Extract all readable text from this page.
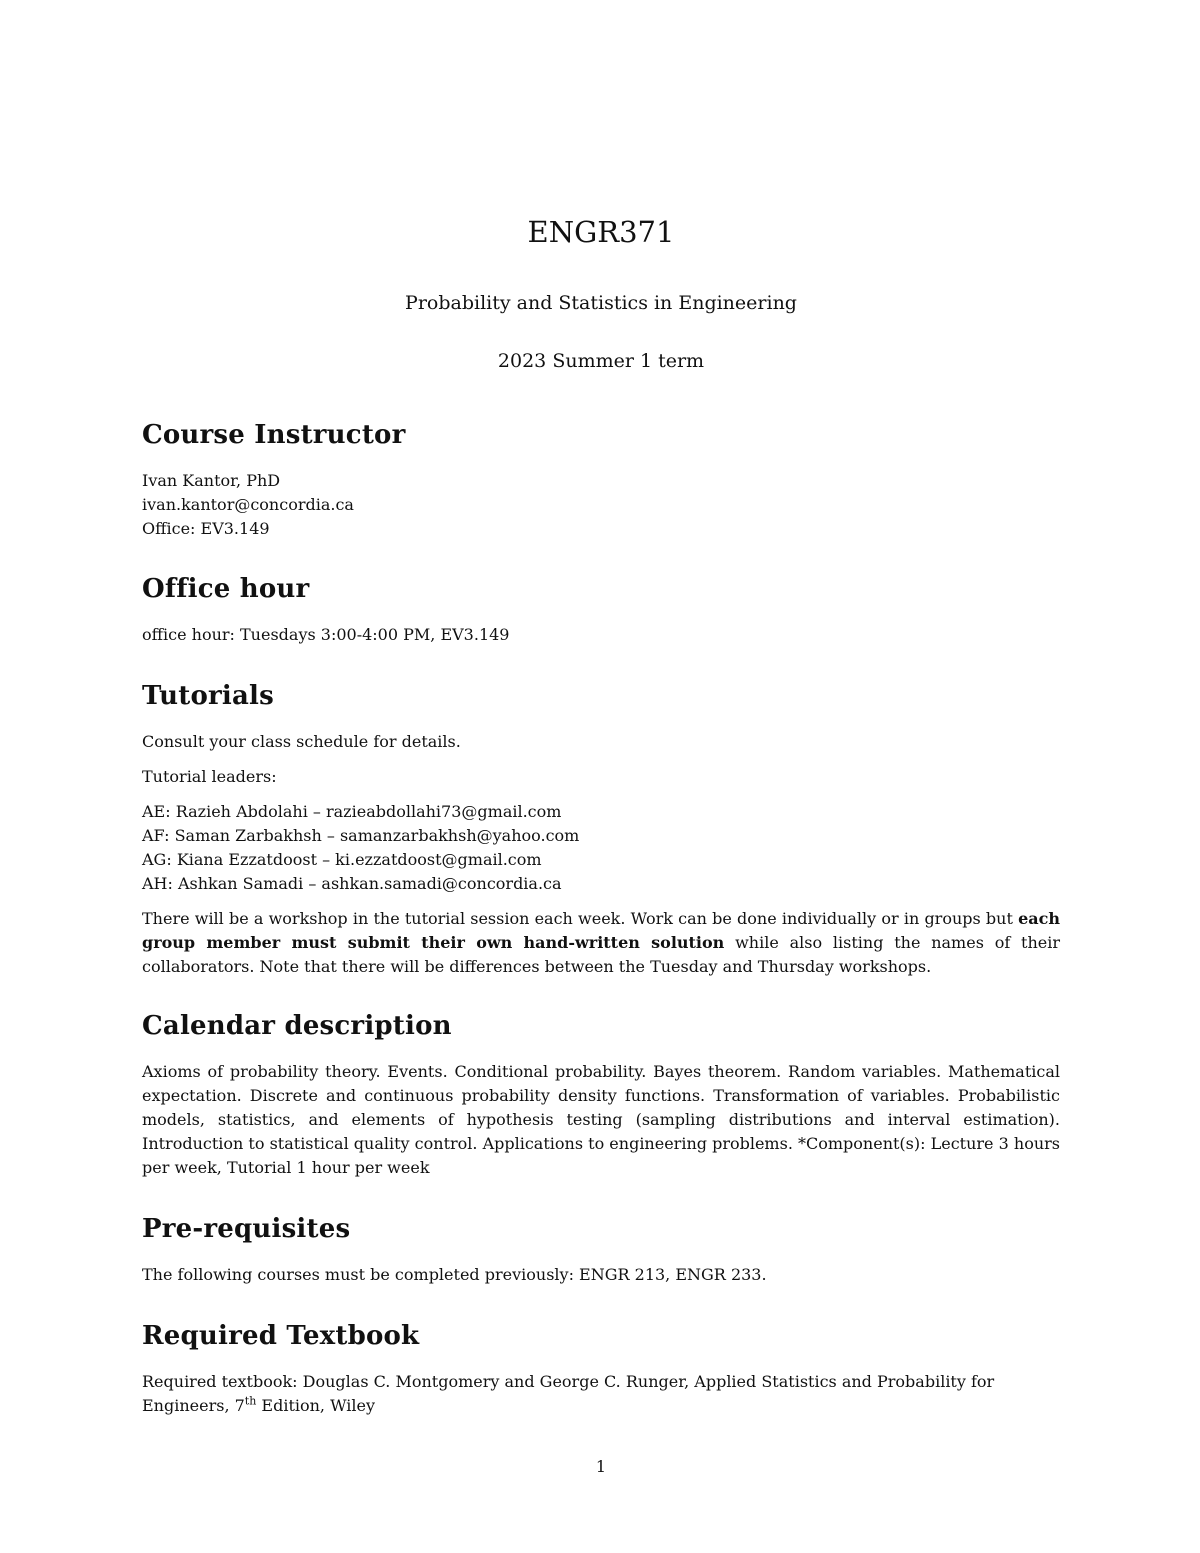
ENGR371
Probability and Statistics in Engineering
2023 Summer 1 term
Course Instructor
Ivan Kantor, PhD
ivan.kantor@concordia.ca
Office: EV3.149
Office hour

office hour: Tuesdays 3:00-4:00 PM, EV3.149

Tutorials

Consult your class schedule for details.

Tutorial leaders:

AE: Razieh Abdolahi – razieabdollahi73@gmail.com
AF: Saman Zarbakhsh – samanzarbakhsh@yahoo.com
AG: Kiana Ezzatdoost – ki.ezzatdoost@gmail.com
AH: Ashkan Samadi – ashkan.samadi@concordia.ca

There will be a workshop in the tutorial session each week. Work can be done individually or in groups but each group member must submit their own hand-written solution while also listing the names of their collaborators. Note that there will be differences between the Tuesday and Thursday workshops.

Calendar description

Axioms of probability theory. Events. Conditional probability. Bayes theorem. Random variables. Mathematical expectation. Discrete and continuous probability density functions. Transformation of variables. Probabilistic models, statistics, and elements of hypothesis testing (sampling distributions and interval estimation). Introduction to statistical quality control. Applications to engineering problems. *Component(s): Lecture 3 hours per week, Tutorial 1 hour per week

Pre-requisites

The following courses must be completed previously: ENGR 213, ENGR 233.

Required Textbook

Required textbook: Douglas C. Montgomery and George C. Runger, Applied Statistics and Probability for Engineers, 7th Edition, Wiley

1
